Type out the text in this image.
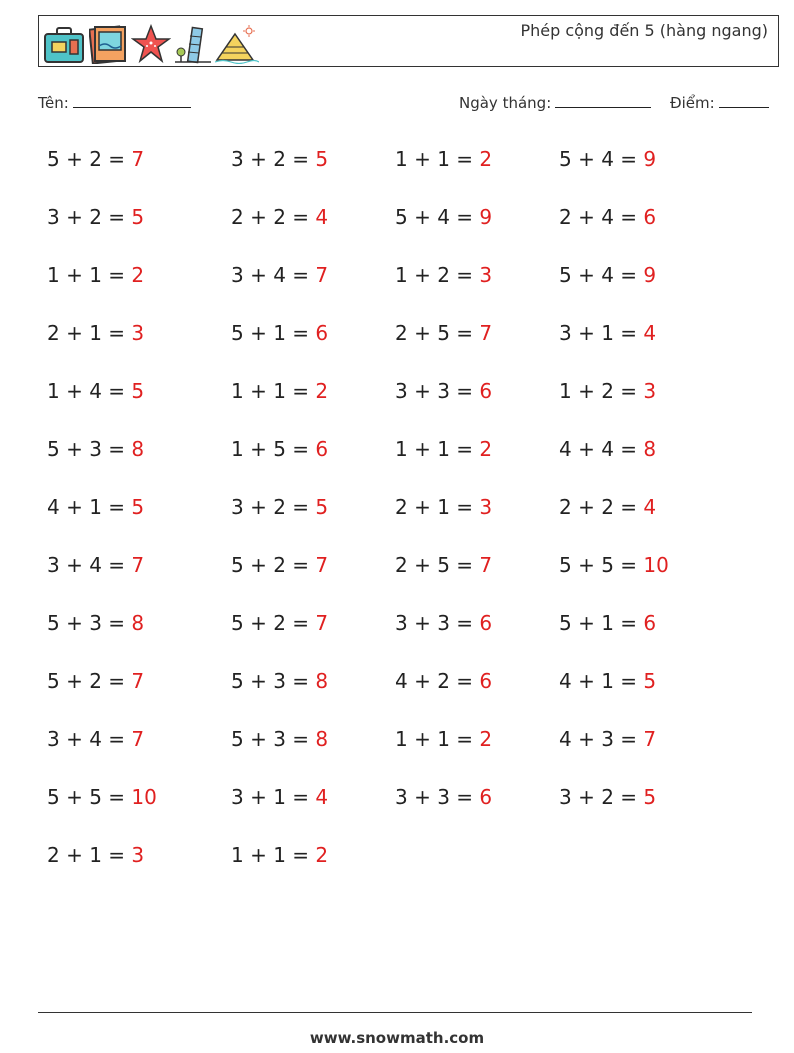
Phép cộng đến 5 (hàng ngang)
Tên:	Ngày tháng:	Điểm:
5 + 2 = 7
3 + 2 = 5
1 + 1 = 2
2 + 1 = 3
1 + 4 = 5
5 + 3 = 8
4 + 1 = 5
3 + 4 = 7
5 + 3 = 8
5 + 2 = 7
3 + 4 = 7
5 + 5 = 10
2 + 1 = 3
3 + 2 = 5
2 + 2 = 4
3 + 4 = 7
5 + 1 = 6
1 + 1 = 2
1 + 5 = 6
3 + 2 = 5
5 + 2 = 7
5 + 2 = 7
5 + 3 = 8
5 + 3 = 8
3 + 1 = 4
1 + 1 = 2
1 + 1 = 2
5 + 4 = 9
1 + 2 = 3
2 + 5 = 7
3 + 3 = 6
1 + 1 = 2
2 + 1 = 3
2 + 5 = 7
3 + 3 = 6
4 + 2 = 6
1 + 1 = 2
3 + 3 = 6
5 + 4 = 9
2 + 4 = 6
5 + 4 = 9
3 + 1 = 4
1 + 2 = 3
4 + 4 = 8
2 + 2 = 4
5 + 5 = 10
5 + 1 = 6
4 + 1 = 5
4 + 3 = 7
3 + 2 = 5
www.snowmath.com
